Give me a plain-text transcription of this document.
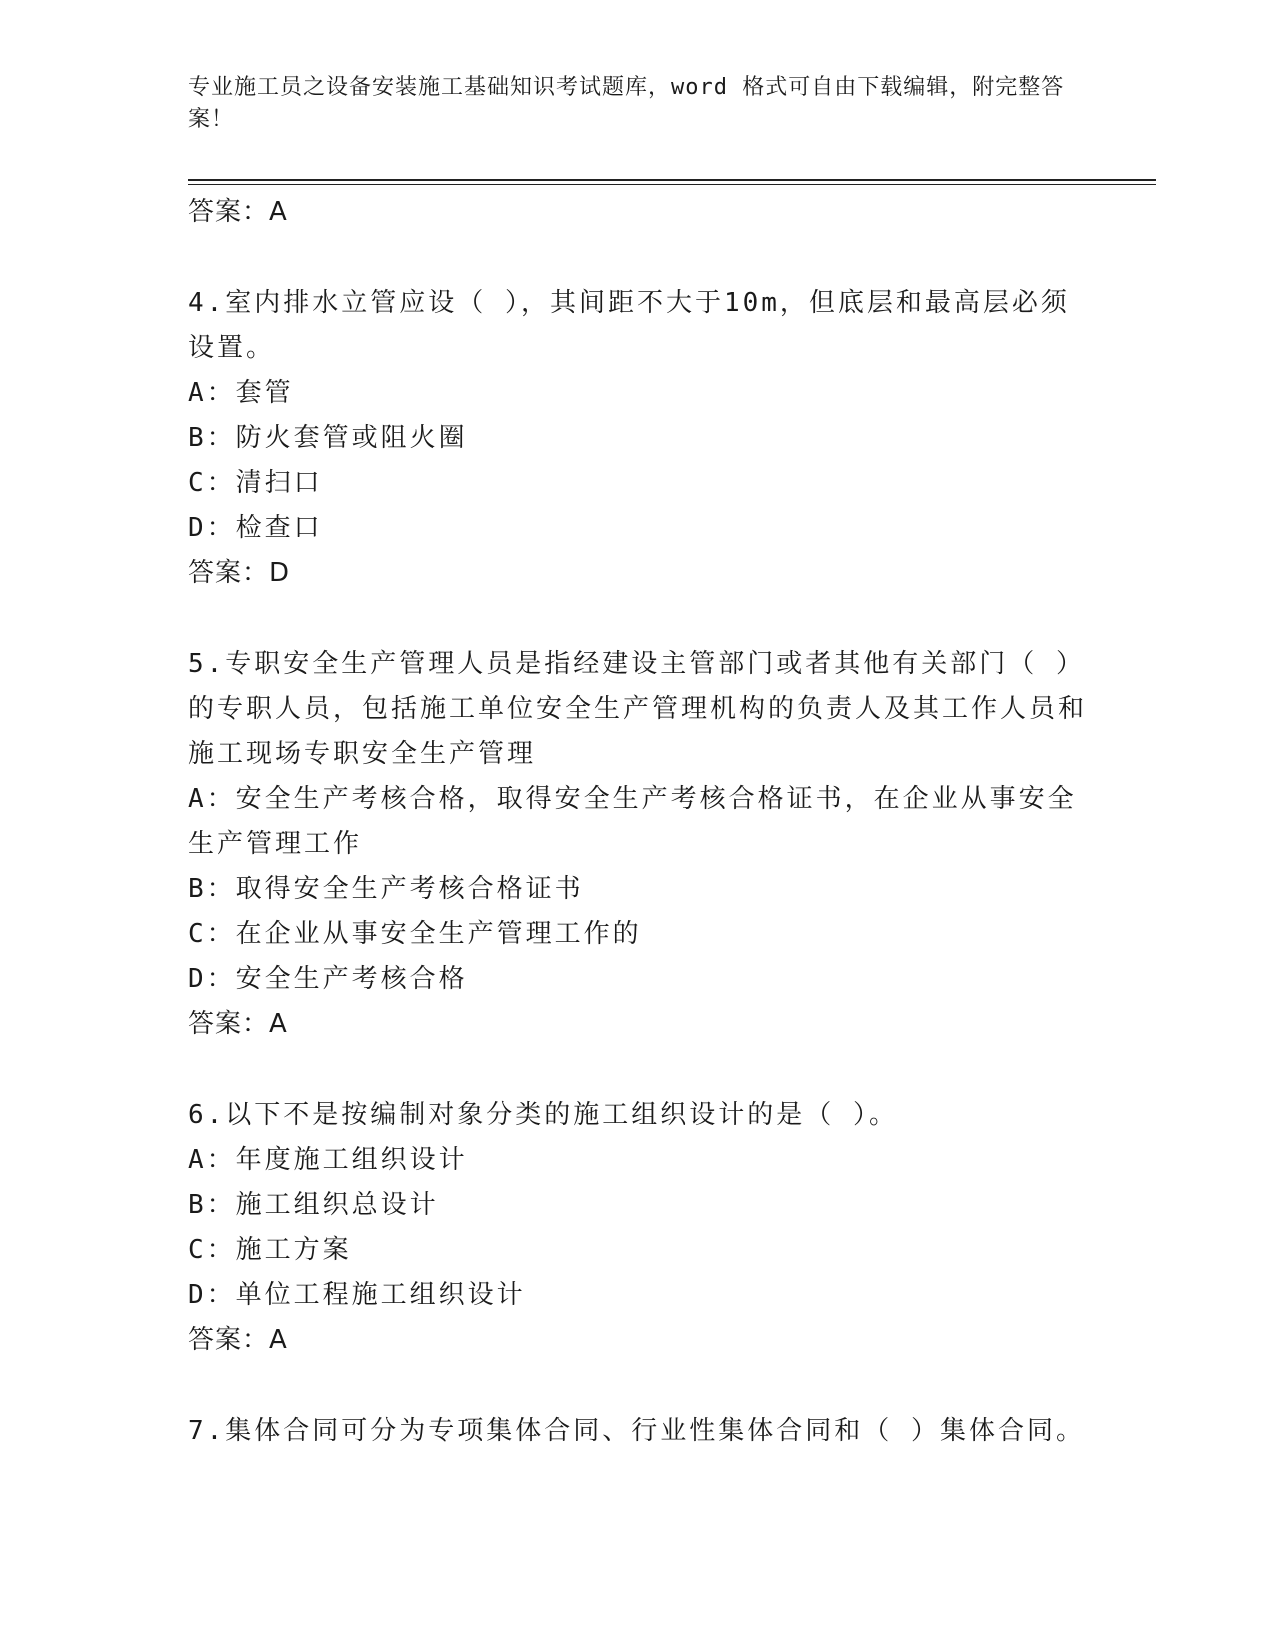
专业施工员之设备安装施工基础知识考试题库，word 格式可自由下载编辑，附完整答案！
答案：A
4.室内排水立管应设（ ），其间距不大于10m，但底层和最高层必须设置。
A：套管
B：防火套管或阻火圈
C：清扫口
D：检查口
答案：D
5.专职安全生产管理人员是指经建设主管部门或者其他有关部门（ ）的专职人员，包括施工单位安全生产管理机构的负责人及其工作人员和施工现场专职安全生产管理
A：安全生产考核合格，取得安全生产考核合格证书，在企业从事安全生产管理工作
B：取得安全生产考核合格证书
C：在企业从事安全生产管理工作的
D：安全生产考核合格
答案：A
6.以下不是按编制对象分类的施工组织设计的是（ ）。
A：年度施工组织设计
B：施工组织总设计
C：施工方案
D：单位工程施工组织设计
答案：A
7.集体合同可分为专项集体合同、行业性集体合同和（ ）集体合同。
